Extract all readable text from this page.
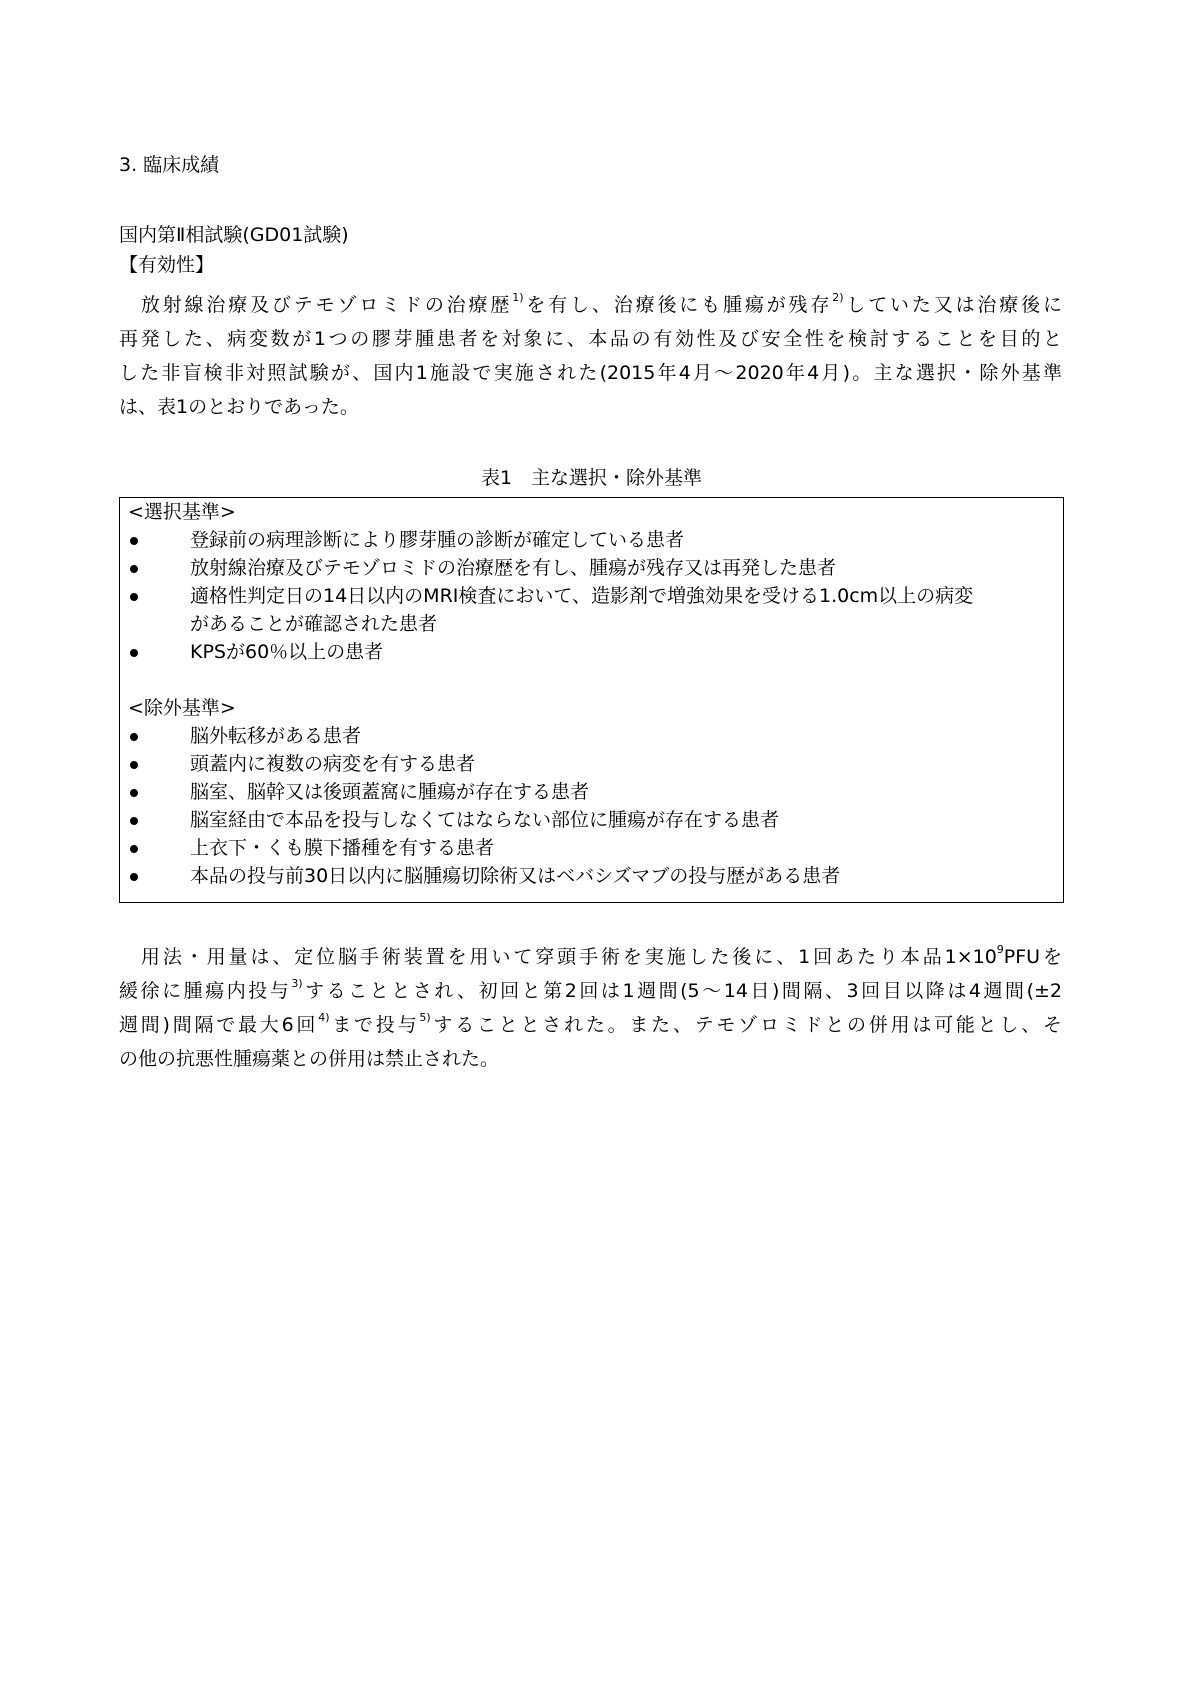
3. 臨床成績
国内第Ⅱ相試験(GD01試験)
【有効性】
　放射線治療及びテモゾロミドの治療歴$^{1)}$を有し、治療後にも腫瘍が残存$^{2)}$していた又は治療後に
再発した、病変数が1つの膠芽腫患者を対象に、本品の有効性及び安全性を検討することを目的と
した非盲検非対照試験が、国内1施設で実施された(2015年4月～2020年4月)。主な選択・除外基準
は、表1のとおりであった。
表1　主な選択・除外基準
<選択基準>
登録前の病理診断により膠芽腫の診断が確定している患者
放射線治療及びテモゾロミドの治療歴を有し、腫瘍が残存又は再発した患者
適格性判定日の14日以内のMRI検査において、造影剤で増強効果を受ける1.0cm以上の病変
があることが確認された患者
KPSが60％以上の患者
<除外基準>
脳外転移がある患者
頭蓋内に複数の病変を有する患者
脳室、脳幹又は後頭蓋窩に腫瘍が存在する患者
脳室経由で本品を投与しなくてはならない部位に腫瘍が存在する患者
上衣下・くも膜下播種を有する患者
本品の投与前30日以内に脳腫瘍切除術又はベバシズマブの投与歴がある患者
　用法・用量は、定位脳手術装置を用いて穿頭手術を実施した後に、1回あたり本品$1\times 10^9PFU$を
緩徐に腫瘍内投与$^{3)}$することとされ、初回と第2回は1週間(5～14日)間隔、3回目以降は4週間(±2
週間)間隔で最大6回$^{4)}$まで投与$^{5)}$することとされた。また、テモゾロミドとの併用は可能とし、そ
の他の抗悪性腫瘍薬との併用は禁止された。
